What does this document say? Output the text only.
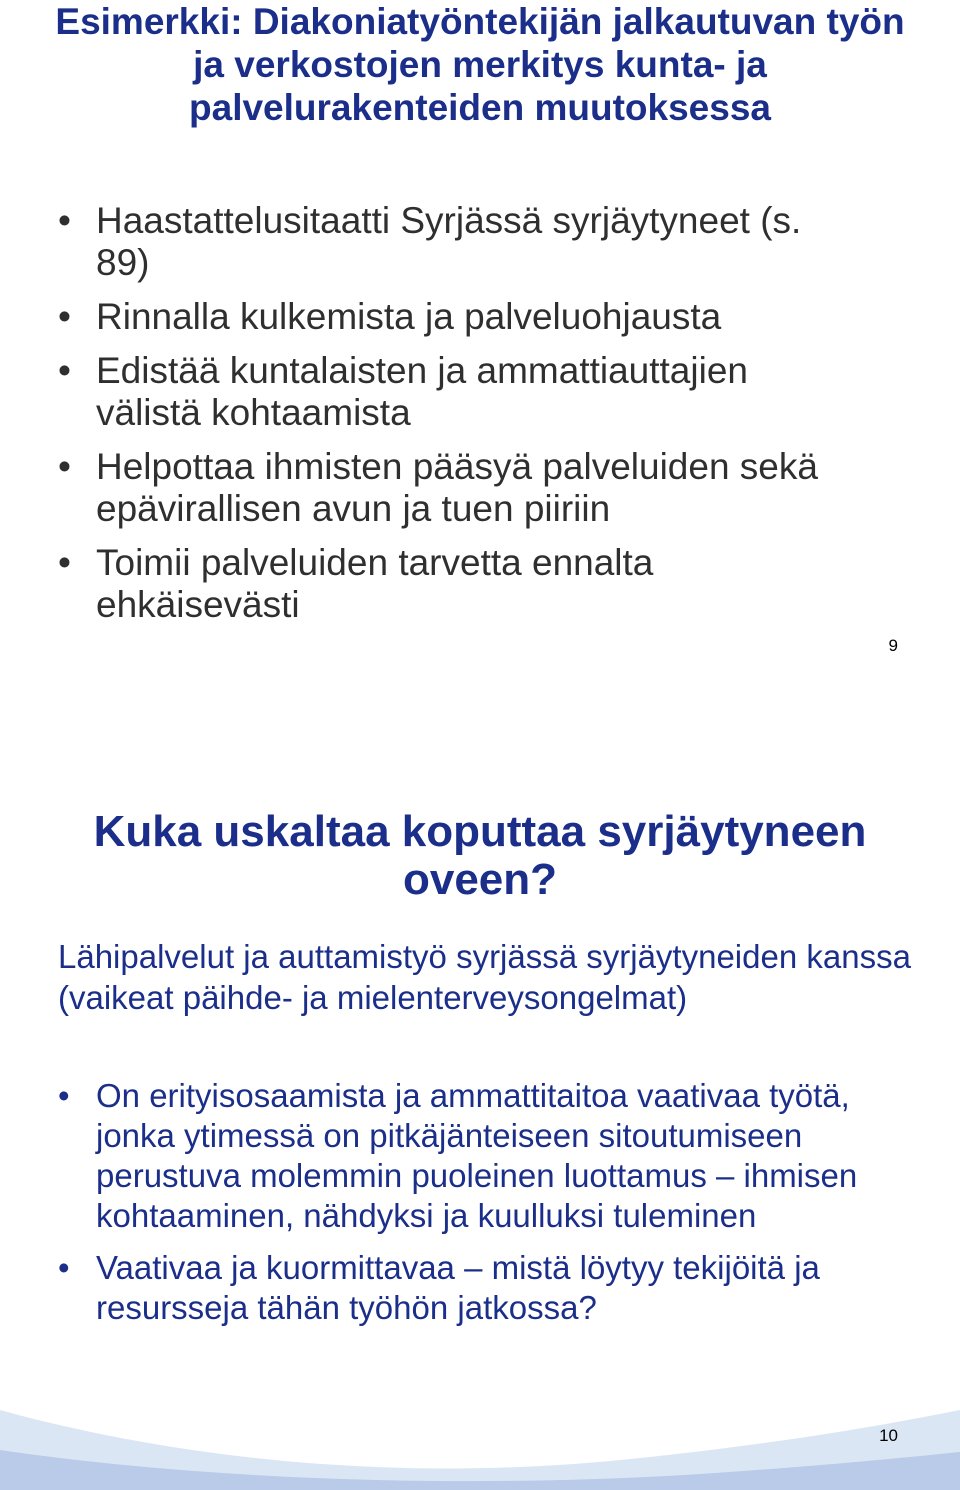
Esimerkki: Diakoniatyöntekijän jalkautuvan työn ja verkostojen merkitys kunta- ja palvelurakenteiden muutoksessa
• Haastattelusitaatti Syrjässä syrjäytyneet (s. 89)
• Rinnalla kulkemista ja palveluohjausta
• Edistää kuntalaisten ja ammattiauttajien välistä kohtaamista
• Helpottaa ihmisten pääsyä palveluiden sekä epävirallisen avun ja tuen piiriin
• Toimii palveluiden tarvetta ennalta ehkäisevästi
9
Kuka uskaltaa koputtaa syrjäytyneen oveen?

Lähipalvelut ja auttamistyö syrjässä syrjäytyneiden kanssa (vaikeat päihde- ja mielenterveysongelmat)

• On erityisosaamista ja ammattitaitoa vaativaa työtä, jonka ytimessä on pitkäjänteiseen sitoutumiseen perustuva molemmin puoleinen luottamus – ihmisen kohtaaminen, nähdyksi ja kuulluksi tuleminen
• Vaativaa ja kuormittavaa – mistä löytyy tekijöitä ja resursseja tähän työhön jatkossa?
10
